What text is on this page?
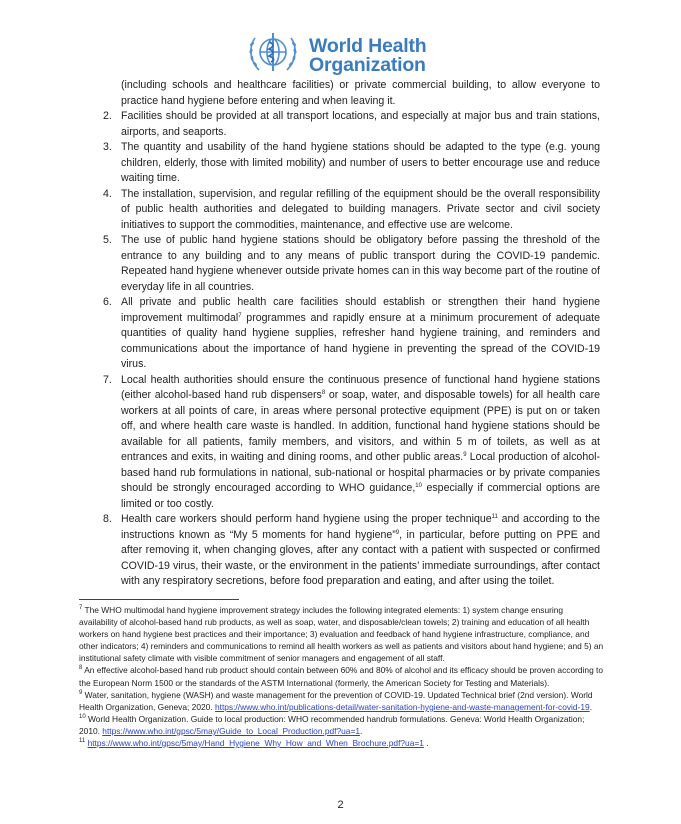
World Health
Organization
(including schools and healthcare facilities) or private commercial building, to allow everyone to practice hand hygiene before entering and when leaving it.
2. Facilities should be provided at all transport locations, and especially at major bus and train stations, airports, and seaports.
3. The quantity and usability of the hand hygiene stations should be adapted to the type (e.g. young children, elderly, those with limited mobility) and number of users to better encourage use and reduce waiting time.
4. The installation, supervision, and regular refilling of the equipment should be the overall responsibility of public health authorities and delegated to building managers. Private sector and civil society initiatives to support the commodities, maintenance, and effective use are welcome.
5. The use of public hand hygiene stations should be obligatory before passing the threshold of the entrance to any building and to any means of public transport during the COVID-19 pandemic. Repeated hand hygiene whenever outside private homes can in this way become part of the routine of everyday life in all countries.
6. All private and public health care facilities should establish or strengthen their hand hygiene improvement multimodal$^7$ programmes and rapidly ensure at a minimum procurement of adequate quantities of quality hand hygiene supplies, refresher hand hygiene training, and reminders and communications about the importance of hand hygiene in preventing the spread of the COVID-19 virus.
7. Local health authorities should ensure the continuous presence of functional hand hygiene stations (either alcohol-based hand rub dispensers$^8$ or soap, water, and disposable towels) for all health care workers at all points of care, in areas where personal protective equipment (PPE) is put on or taken off, and where health care waste is handled. In addition, functional hand hygiene stations should be available for all patients, family members, and visitors, and within 5 m of toilets, as well as at entrances and exits, in waiting and dining rooms, and other public areas.$^9$ Local production of alcohol-based hand rub formulations in national, sub-national or hospital pharmacies or by private companies should be strongly encouraged according to WHO guidance,$^{10}$ especially if commercial options are limited or too costly.
8. Health care workers should perform hand hygiene using the proper technique$^{11}$ and according to the instructions known as “My 5 moments for hand hygiene”$^9$, in particular, before putting on PPE and after removing it, when changing gloves, after any contact with a patient with suspected or confirmed COVID-19 virus, their waste, or the environment in the patients’ immediate surroundings, after contact with any respiratory secretions, before food preparation and eating, and after using the toilet.

$^7$ The WHO multimodal hand hygiene improvement strategy includes the following integrated elements: 1) system change ensuring availability of alcohol-based hand rub products, as well as soap, water, and disposable/clean towels; 2) training and education of all health workers on hand hygiene best practices and their importance; 3) evaluation and feedback of hand hygiene infrastructure, compliance, and other indicators; 4) reminders and communications to remind all health workers as well as patients and visitors about hand hygiene; and 5) an institutional safety climate with visible commitment of senior managers and engagement of all staff.

$^8$ An effective alcohol-based hand rub product should contain between 60% and 80% of alcohol and its efficacy should be proven according to the European Norm 1500 or the standards of the ASTM International (formerly, the American Society for Testing and Materials).

$^9$ Water, sanitation, hygiene (WASH) and waste management for the prevention of COVID-19. Updated Technical brief (2nd version). World Health Organization, Geneva; 2020. https://www.who.int/publications-detail/water-sanitation-hygiene-and-waste-management-for-covid-19.

$^{10}$ World Health Organization. Guide to local production: WHO recommended handrub formulations. Geneva: World Health Organization; 2010. https://www.who.int/gpsc/5may/Guide_to_Local_Production.pdf?ua=1.

$^{11}$ https://www.who.int/gpsc/5may/Hand_Hygiene_Why_How_and_When_Brochure.pdf?ua=1 .

2
